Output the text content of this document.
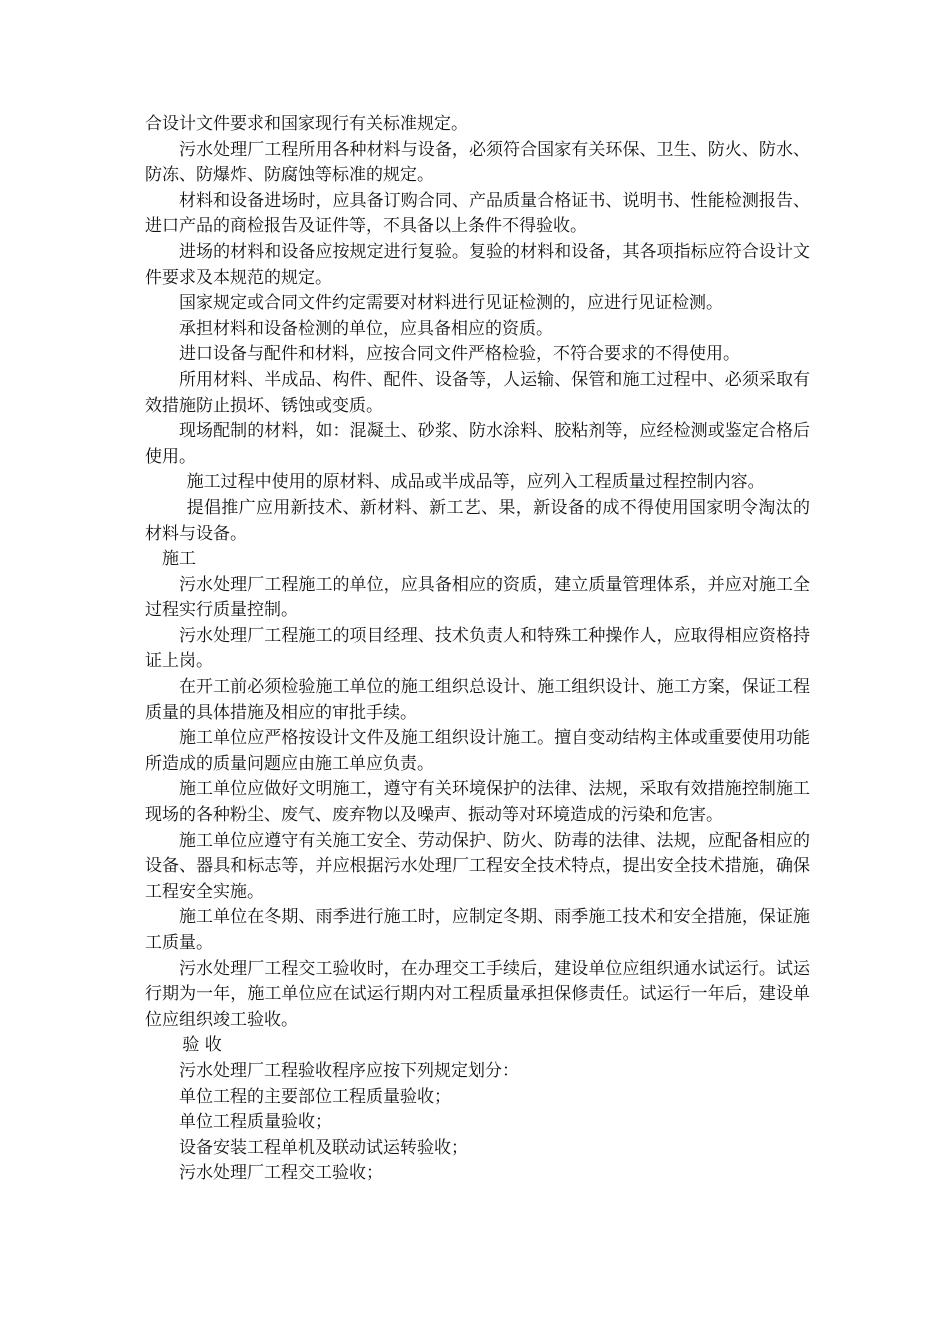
合设计文件要求和国家现行有关标准规定。

污水处理厂工程所用各种材料与设备，必须符合国家有关环保、卫生、防火、防水、防冻、防爆炸、防腐蚀等标准的规定。

材料和设备进场时，应具备订购合同、产品质量合格证书、说明书、性能检测报告、进口产品的商检报告及证件等，不具备以上条件不得验收。

进场的材料和设备应按规定进行复验。复验的材料和设备，其各项指标应符合设计文件要求及本规范的规定。

国家规定或合同文件约定需要对材料进行见证检测的，应进行见证检测。

承担材料和设备检测的单位，应具备相应的资质。

进口设备与配件和材料，应按合同文件严格检验，不符合要求的不得使用。

所用材料、半成品、构件、配件、设备等，人运输、保管和施工过程中、必须采取有效措施防止损坏、锈蚀或变质。

现场配制的材料，如：混凝土、砂浆、防水涂料、胶粘剂等，应经检测或鉴定合格后使用。

施工过程中使用的原材料、成品或半成品等，应列入工程质量过程控制内容。

提倡推广应用新技术、新材料、新工艺、果，新设备的成不得使用国家明令淘汰的材料与设备。

施工

污水处理厂工程施工的单位，应具备相应的资质，建立质量管理体系，并应对施工全过程实行质量控制。

污水处理厂工程施工的项目经理、技术负责人和特殊工种操作人，应取得相应资格持证上岗。

在开工前必须检验施工单位的施工组织总设计、施工组织设计、施工方案，保证工程质量的具体措施及相应的审批手续。

施工单位应严格按设计文件及施工组织设计施工。擅自变动结构主体或重要使用功能所造成的质量问题应由施工单应负责。

施工单位应做好文明施工，遵守有关环境保护的法律、法规，采取有效措施控制施工现场的各种粉尘、废气、废弃物以及噪声、振动等对环境造成的污染和危害。

施工单位应遵守有关施工安全、劳动保护、防火、防毒的法律、法规，应配备相应的设备、器具和标志等，并应根据污水处理厂工程安全技术特点，提出安全技术措施，确保工程安全实施。

施工单位在冬期、雨季进行施工时，应制定冬期、雨季施工技术和安全措施，保证施工质量。

污水处理厂工程交工验收时，在办理交工手续后，建设单位应组织通水试运行。试运行期为一年，施工单位应在试运行期内对工程质量承担保修责任。试运行一年后，建设单位应组织竣工验收。

验 收

污水处理厂工程验收程序应按下列规定划分：

单位工程的主要部位工程质量验收；

单位工程质量验收；

设备安装工程单机及联动试运转验收；

污水处理厂工程交工验收；
